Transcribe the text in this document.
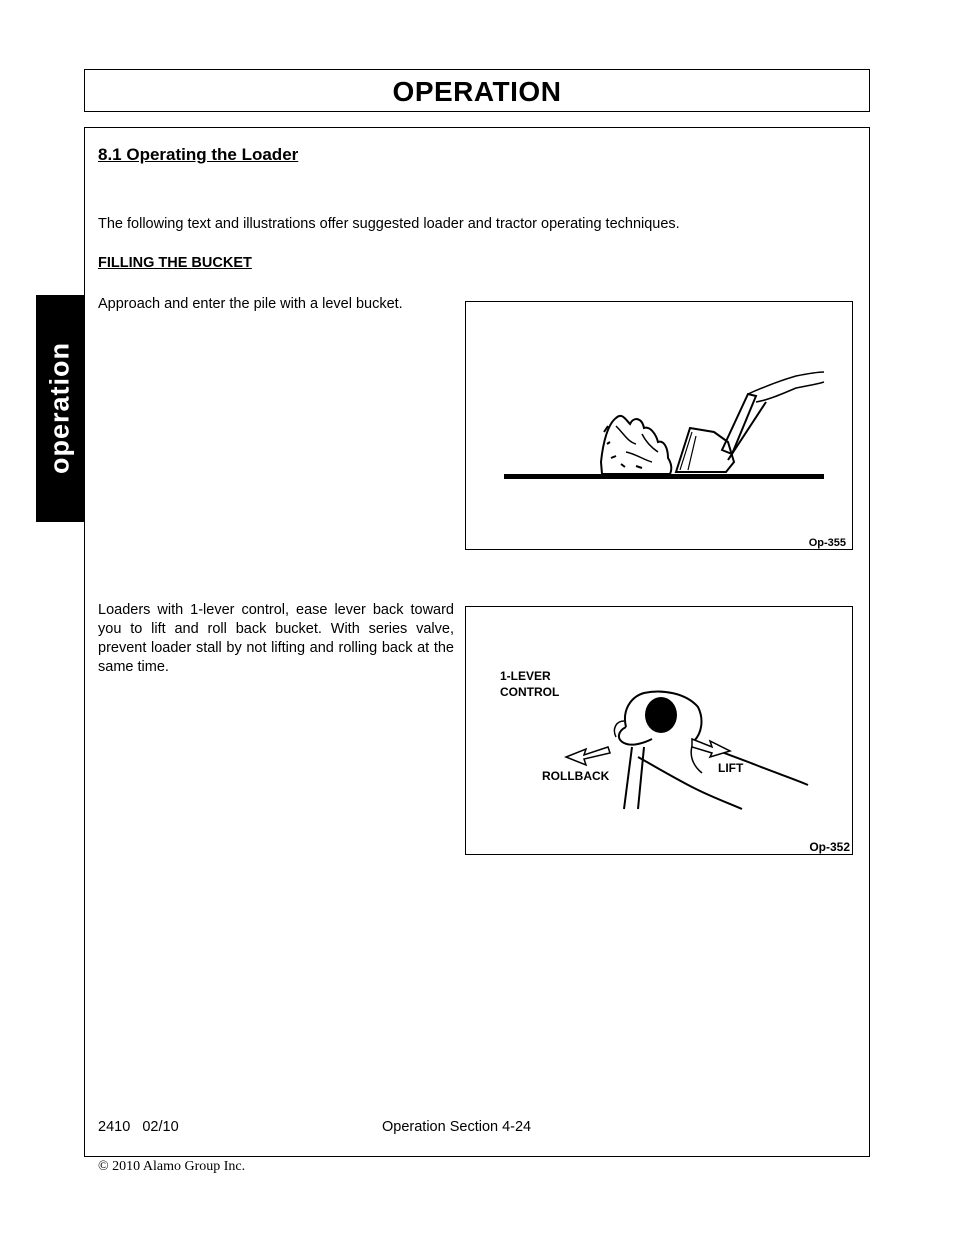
OPERATION
operation
8.1 Operating the Loader
The following text and illustrations offer suggested loader and tractor operating techniques.
FILLING THE BUCKET
Approach and enter the pile with a level bucket.
Loaders with 1-lever control, ease lever back toward you to lift and roll back bucket. With series valve, prevent loader stall by not lifting and rolling back at the same time.
Op-355
1-LEVER
CONTROL
ROLLBACK
LIFT
Op-352
2410   02/10	Operation Section 4-24
© 2010 Alamo Group Inc.
